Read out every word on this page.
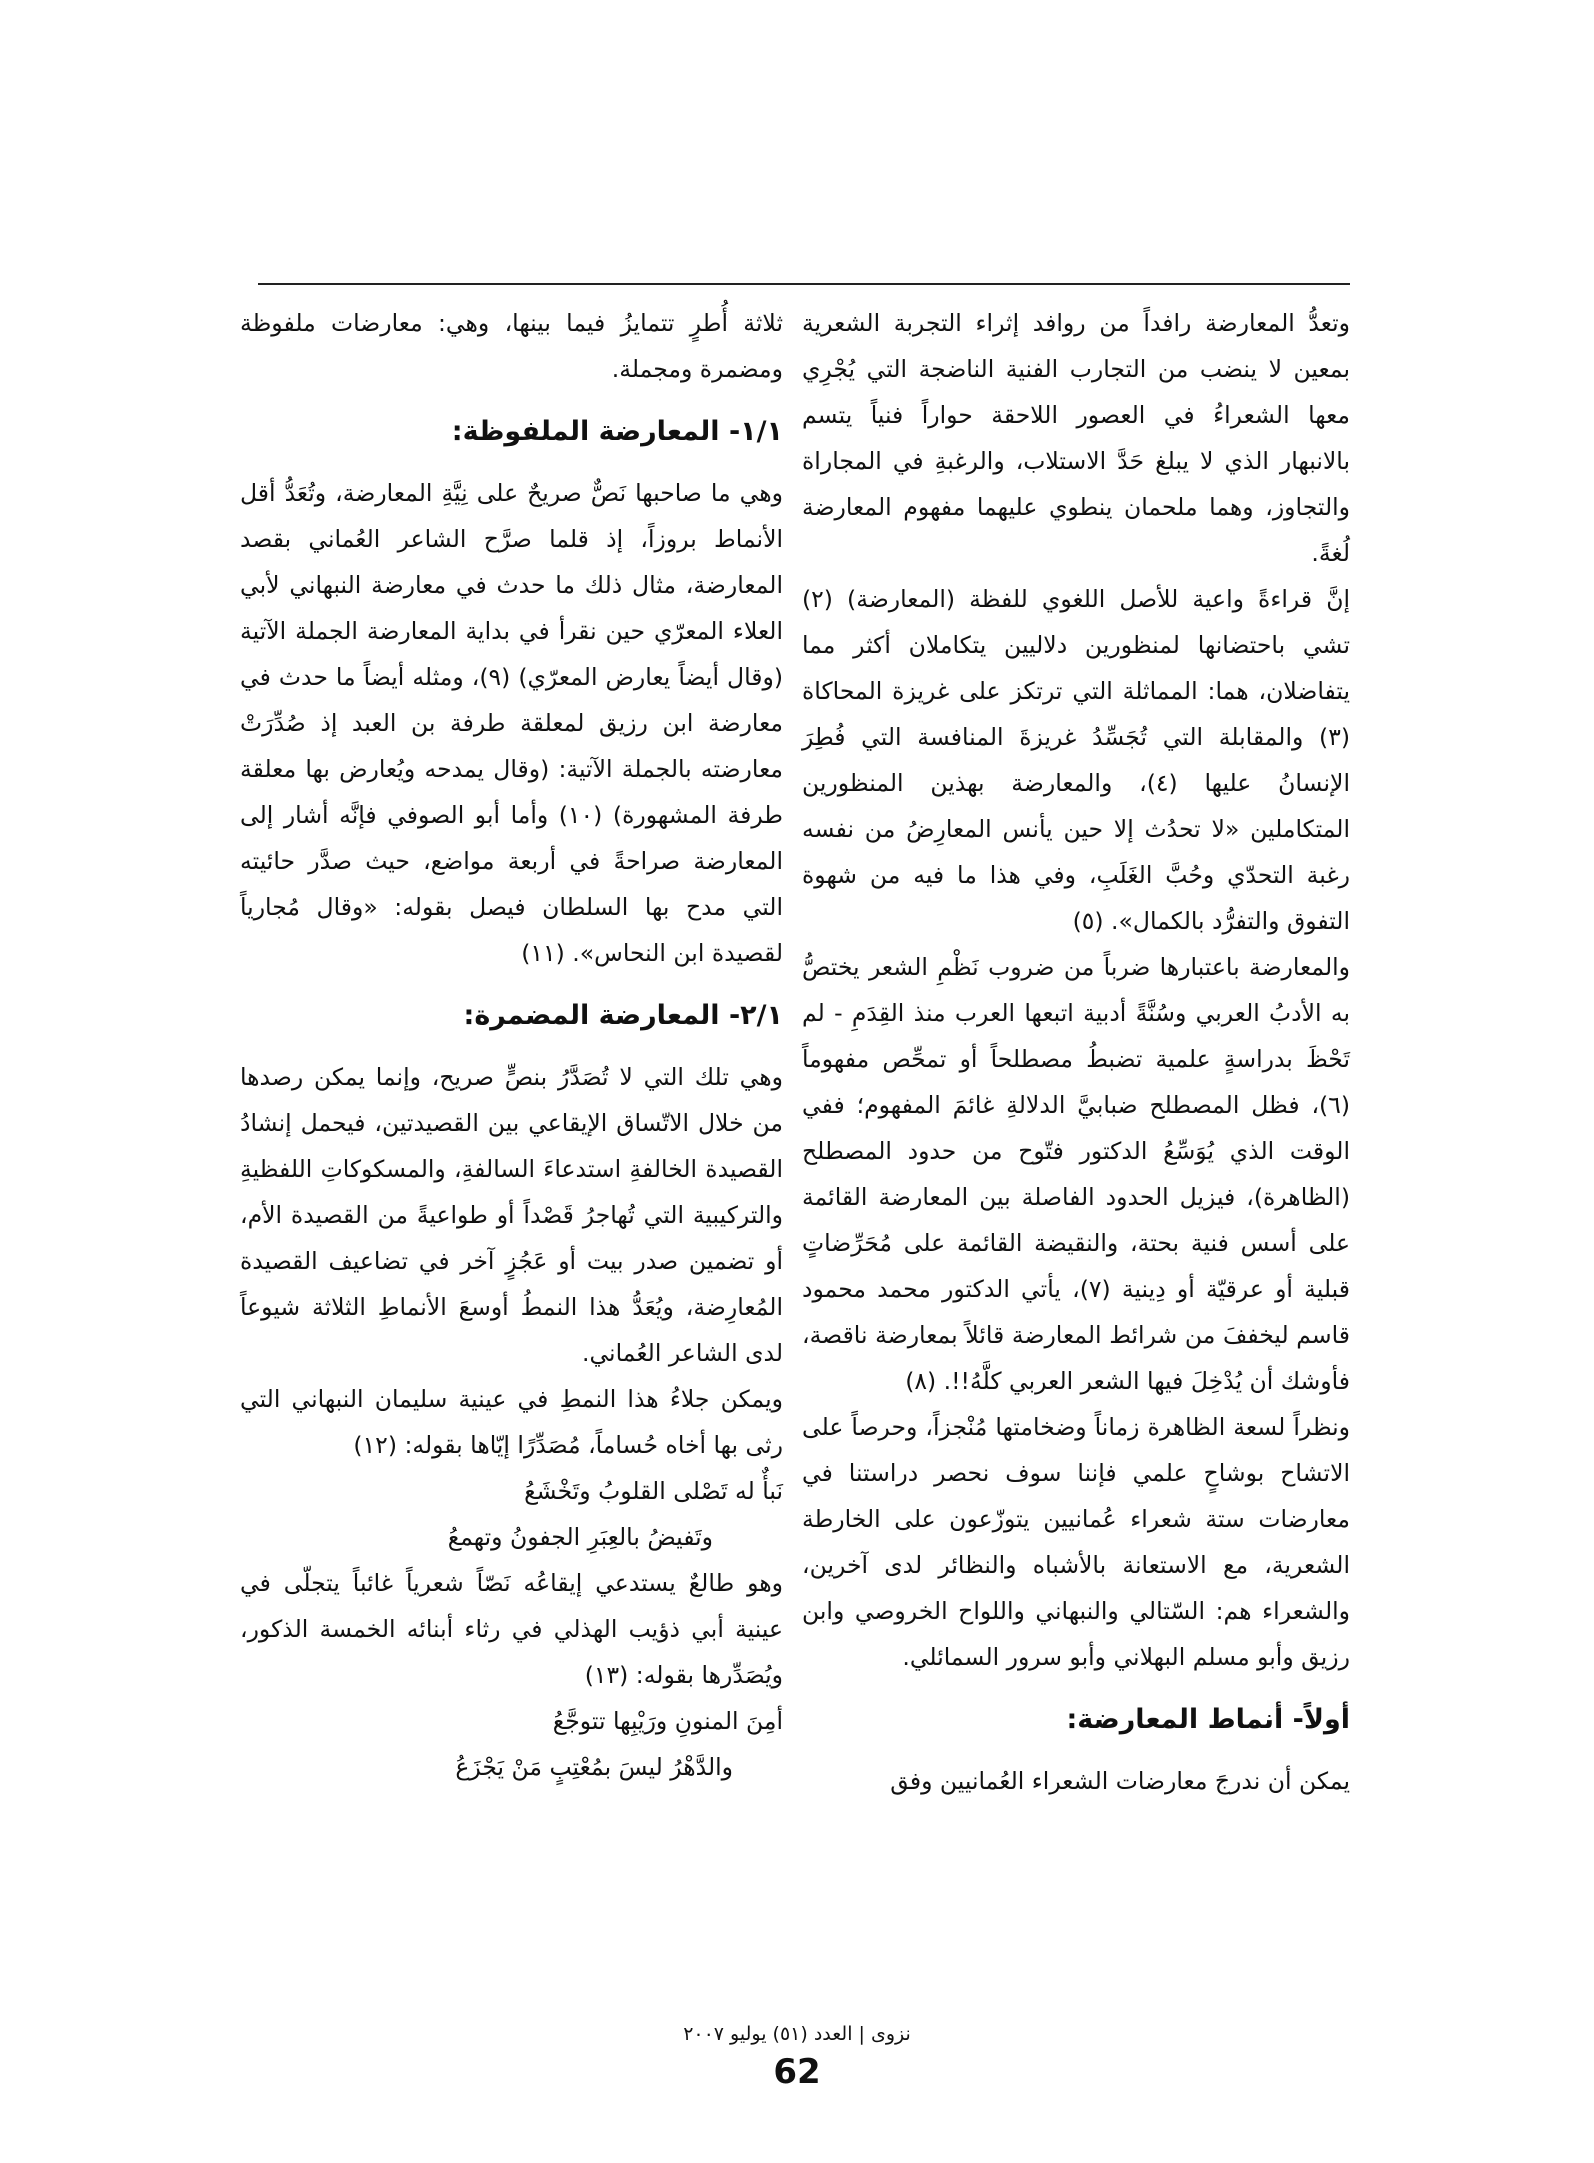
وتعدُّ المعارضة رافداً من روافد إثراء التجربة الشعرية بمعين لا ينضب من التجارب الفنية الناضجة التي يُجْرِي معها الشعراءُ في العصور اللاحقة حواراً فنياً يتسم بالانبهار الذي لا يبلغ حَدَّ الاستلاب، والرغبةِ في المجاراة والتجاوز، وهما ملحمان ينطوي عليهما مفهوم المعارضة لُغةً.

إنَّ قراءةً واعية للأصل اللغوي للفظة (المعارضة) (٢) تشي باحتضانها لمنظورين دلاليين يتكاملان أكثر مما يتفاضلان، هما: المماثلة التي ترتكز على غريزة المحاكاة (٣) والمقابلة التي تُجَسِّدُ غريزةَ المنافسة التي فُطِرَ الإنسانُ عليها (٤)، والمعارضة بهذين المنظورين المتكاملين «لا تحدُث إلا حين يأنس المعارِضُ من نفسه رغبة التحدّي وحُبَّ الغَلَبِ، وفي هذا ما فيه من شهوة التفوق والتفرُّد بالكمال». (٥)

والمعارضة باعتبارها ضرباً من ضروب نَظْمِ الشعر يختصُّ به الأدبُ العربي وسُنَّةً أدبية اتبعها العرب منذ القِدَمِ - لم تَحْظَ بدراسةٍ علمية تضبطُ مصطلحاً أو تمحِّص مفهوماً (٦)، فظل المصطلح ضبابيَّ الدلالةِ غائمَ المفهوم؛ ففي الوقت الذي يُوَسِّعُ الدكتور فتّوح من حدود المصطلح (الظاهرة)، فيزيل الحدود الفاصلة بين المعارضة القائمة على أسس فنية بحتة، والنقيضة القائمة على مُحَرِّضاتٍ قبلية أو عرقيّة أو دِينية (٧)، يأتي الدكتور محمد محمود قاسم ليخففَ من شرائط المعارضة قائلاً بمعارضة ناقصة، فأوشك أن يُدْخِلَ فيها الشعر العربي كلَّهُ!!. (٨)

ونظراً لسعة الظاهرة زماناً وضخامتها مُنْجزاً، وحرصاً على الاتشاح بوشاحٍ علمي فإننا سوف نحصر دراستنا في معارضات ستة شعراء عُمانيين يتوزّعون على الخارطة الشعرية، مع الاستعانة بالأشباه والنظائر لدى آخرين، والشعراء هم: السّتالي والنبهاني واللواح الخروصي وابن رزيق وأبو مسلم البهلاني وأبو سرور السمائلي.

أولاً- أنماط المعارضة:

يمكن أن ندرجَ معارضات الشعراء العُمانيين وفق

ثلاثة أُطرٍ تتمايزُ فيما بينها، وهي: معارضات ملفوظة ومضمرة ومجملة.

١/١- المعارضة الملفوظة:

وهي ما صاحبها نَصٌّ صريحٌ على نِيَّةِ المعارضة، وتُعَدُّ أقل الأنماط بروزاً، إذ قلما صرَّح الشاعر العُماني بقصد المعارضة، مثال ذلك ما حدث في معارضة النبهاني لأبي العلاء المعرّي حين نقرأ في بداية المعارضة الجملة الآتية (وقال أيضاً يعارض المعرّي) (٩)، ومثله أيضاً ما حدث في معارضة ابن رزيق لمعلقة طرفة بن العبد إذ صُدِّرَتْ معارضته بالجملة الآتية: (وقال يمدحه ويُعارض بها معلقة طرفة المشهورة) (١٠) وأما أبو الصوفي فإنَّه أشار إلى المعارضة صراحةً في أربعة مواضع، حيث صدَّر حائيته التي مدح بها السلطان فيصل بقوله: «وقال مُجارياً لقصيدة ابن النحاس». (١١)

٢/١- المعارضة المضمرة:

وهي تلك التي لا تُصَدَّرُ بنصٍّ صريح، وإنما يمكن رصدها من خلال الاتّساق الإيقاعي بين القصيدتين، فيحمل إنشادُ القصيدة الخالفةِ استدعاءَ السالفةِ، والمسكوكاتِ اللفظيةِ والتركيبية التي تُهاجرُ قَصْداً أو طواعيةً من القصيدة الأم، أو تضمين صدر بيت أو عَجُزٍ آخر في تضاعيف القصيدة المُعارِضة، ويُعَدُّ هذا النمطُ أوسعَ الأنماطِ الثلاثة شيوعاً لدى الشاعر العُماني.

ويمكن جلاءُ هذا النمطِ في عينية سليمان النبهاني التي رثى بها أخاه حُساماً، مُصَدِّرًا إيّاها بقوله: (١٢)

نَبأٌ له تَصْلى القلوبُ وتَخْشَعُ

وتَفيضُ بالعِبَرِ الجفونُ وتهمعُ

وهو طالعٌ يستدعي إيقاعُه نَصّاً شعرياً غائباً يتجلّى في عينية أبي ذؤيب الهذلي في رثاء أبنائه الخمسة الذكور، ويُصَدِّرها بقوله: (١٣)

أمِنَ المنونِ ورَيْبِها تتوجَّعُ

والدَّهْرُ ليسَ بمُعْتِبٍ مَنْ يَجْزَعُ

نزوى | العدد (٥١) يوليو ٢٠٠٧
62
